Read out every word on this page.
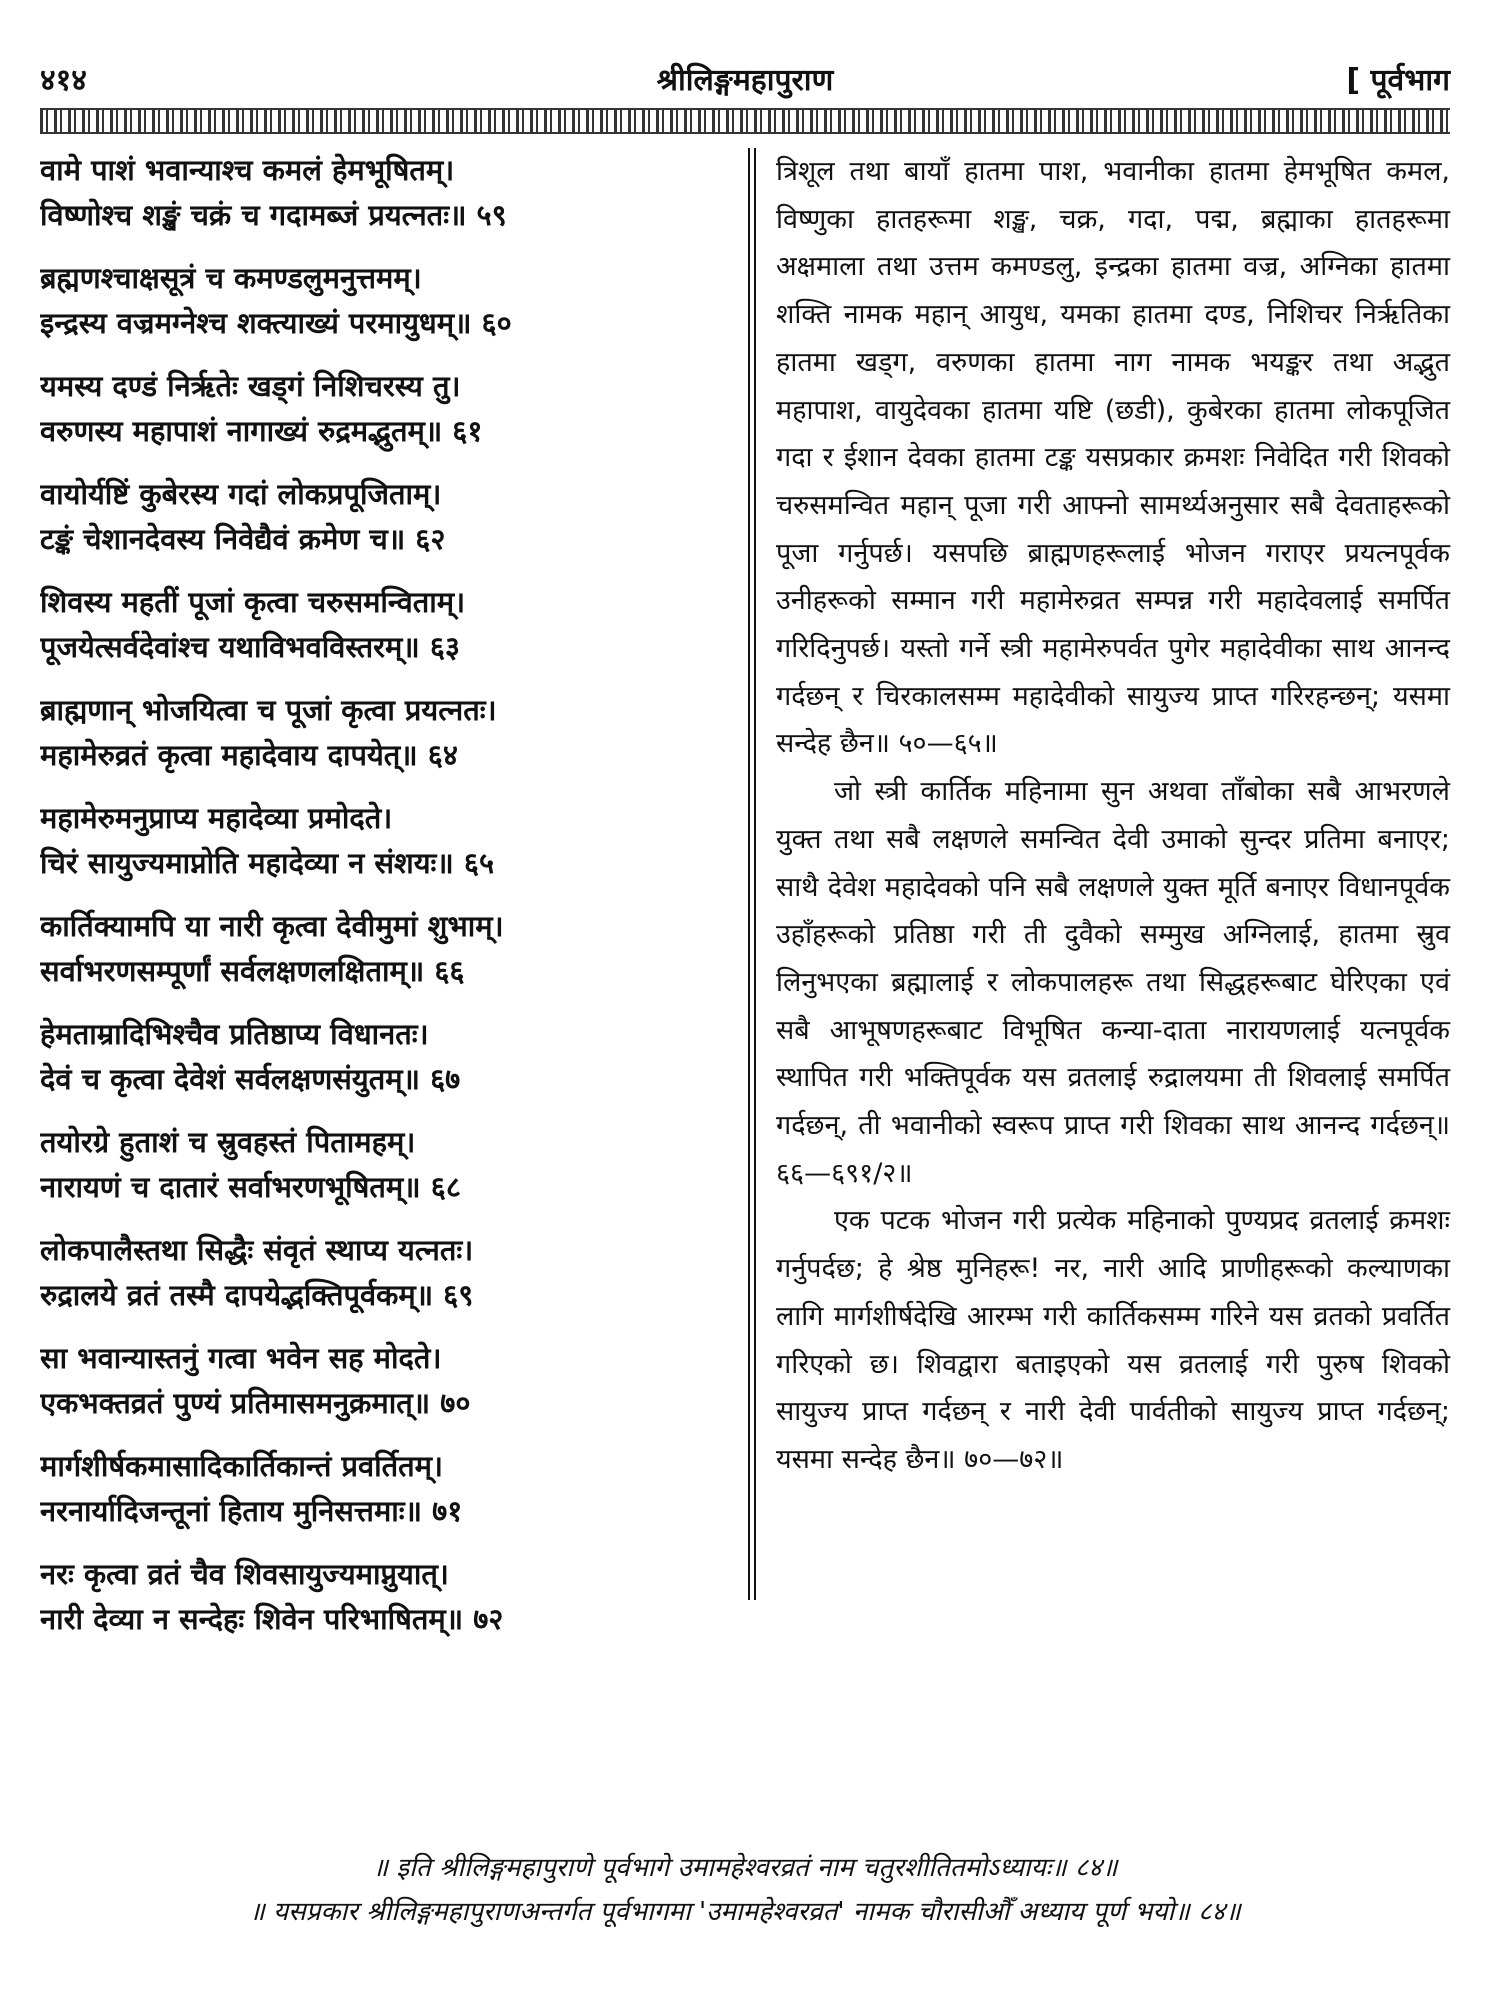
४१४	श्रीलिङ्गमहापुराण	[ पूर्वभाग
वामे पाशं भवान्याश्च कमलं हेमभूषितम्।
विष्णोश्च शङ्खं चक्रं च गदामब्जं प्रयत्नतः॥ ५९
ब्रह्मणश्चाक्षसूत्रं च कमण्डलुमनुत्तमम्।
इन्द्रस्य वज्रमग्नेश्च शक्त्याख्यं परमायुधम्॥ ६०
यमस्य दण्डं निर्ऋतेः खड्गं निशिचरस्य तु।
वरुणस्य महापाशं नागाख्यं रुद्रमद्भुतम्॥ ६१
वायोर्यष्टिं कुबेरस्य गदां लोकप्रपूजिताम्।
टङ्कं चेशानदेवस्य निवेद्यैवं क्रमेण च॥ ६२
शिवस्य महतीं पूजां कृत्वा चरुसमन्विताम्।
पूजयेत्सर्वदेवांश्च यथाविभवविस्तरम्॥ ६३
ब्राह्मणान् भोजयित्वा च पूजां कृत्वा प्रयत्नतः।
महामेरुव्रतं कृत्वा महादेवाय दापयेत्॥ ६४
महामेरुमनुप्राप्य महादेव्या प्रमोदते।
चिरं सायुज्यमाप्नोति महादेव्या न संशयः॥ ६५
कार्तिक्यामपि या नारी कृत्वा देवीमुमां शुभाम्।
सर्वाभरणसम्पूर्णां सर्वलक्षणलक्षिताम्॥ ६६
हेमताम्रादिभिश्चैव प्रतिष्ठाप्य विधानतः।
देवं च कृत्वा देवेशं सर्वलक्षणसंयुतम्॥ ६७
तयोरग्रे हुताशं च स्रुवहस्तं पितामहम्।
नारायणं च दातारं सर्वाभरणभूषितम्॥ ६८
लोकपालैस्तथा सिद्धैः संवृतं स्थाप्य यत्नतः।
रुद्रालये व्रतं तस्मै दापयेद्भक्तिपूर्वकम्॥ ६९
सा भवान्यास्तनुं गत्वा भवेन सह मोदते।
एकभक्तव्रतं पुण्यं प्रतिमासमनुक्रमात्॥ ७०
मार्गशीर्षकमासादिकार्तिकान्तं प्रवर्तितम्।
नरनार्यादिजन्तूनां हिताय मुनिसत्तमाः॥ ७१
नरः कृत्वा व्रतं चैव शिवसायुज्यमाप्नुयात्।
नारी देव्या न सन्देहः शिवेन परिभाषितम्॥ ७२

त्रिशूल तथा बायाँ हातमा पाश, भवानीका हातमा हेमभूषित कमल, विष्णुका हातहरूमा शङ्ख, चक्र, गदा, पद्म, ब्रह्माका हातहरूमा अक्षमाला तथा उत्तम कमण्डलु, इन्द्रका हातमा वज्र, अग्निका हातमा शक्ति नामक महान् आयुध, यमका हातमा दण्ड, निशिचर निर्ऋतिका हातमा खड्ग, वरुणका हातमा नाग नामक भयङ्कर तथा अद्भुत महापाश, वायुदेवका हातमा यष्टि (छडी), कुबेरका हातमा लोकपूजित गदा र ईशान देवका हातमा टङ्क यसप्रकार क्रमशः निवेदित गरी शिवको चरुसमन्वित महान् पूजा गरी आफ्नो सामर्थ्यअनुसार सबै देवताहरूको पूजा गर्नुपर्छ। यसपछि ब्राह्मणहरूलाई भोजन गराएर प्रयत्नपूर्वक उनीहरूको सम्मान गरी महामेरुव्रत सम्पन्न गरी महादेवलाई समर्पित गरिदिनुपर्छ। यस्तो गर्ने स्त्री महामेरुपर्वत पुगेर महादेवीका साथ आनन्द गर्दछन् र चिरकालसम्म महादेवीको सायुज्य प्राप्त गरिरहन्छन्; यसमा सन्देह छैन॥ ५०—६५॥

जो स्त्री कार्तिक महिनामा सुन अथवा ताँबोका सबै आभरणले युक्त तथा सबै लक्षणले समन्वित देवी उमाको सुन्दर प्रतिमा बनाएर; साथै देवेश महादेवको पनि सबै लक्षणले युक्त मूर्ति बनाएर विधानपूर्वक उहाँहरूको प्रतिष्ठा गरी ती दुवैको सम्मुख अग्निलाई, हातमा स्रुव लिनुभएका ब्रह्मालाई र लोकपालहरू तथा सिद्धहरूबाट घेरिएका एवं सबै आभूषणहरूबाट विभूषित कन्या-दाता नारायणलाई यत्नपूर्वक स्थापित गरी भक्तिपूर्वक यस व्रतलाई रुद्रालयमा ती शिवलाई समर्पित गर्दछन्, ती भवानीको स्वरूप प्राप्त गरी शिवका साथ आनन्द गर्दछन्॥ ६६—६९१/२॥

एक पटक भोजन गरी प्रत्येक महिनाको पुण्यप्रद व्रतलाई क्रमशः गर्नुपर्दछ; हे श्रेष्ठ मुनिहरू! नर, नारी आदि प्राणीहरूको कल्याणका लागि मार्गशीर्षदेखि आरम्भ गरी कार्तिकसम्म गरिने यस व्रतको प्रवर्तित गरिएको छ। शिवद्वारा बताइएको यस व्रतलाई गरी पुरुष शिवको सायुज्य प्राप्त गर्दछन् र नारी देवी पार्वतीको सायुज्य प्राप्त गर्दछन्; यसमा सन्देह छैन॥ ७०—७२॥

॥ इति श्रीलिङ्गमहापुराणे पूर्वभागे उमामहेश्वरव्रतं नाम चतुरशीतितमोऽध्यायः॥ ८४॥
॥ यसप्रकार श्रीलिङ्गमहापुराणअन्तर्गत पूर्वभागमा 'उमामहेश्वरव्रत' नामक चौरासीऔँ अध्याय पूर्ण भयो॥ ८४॥
